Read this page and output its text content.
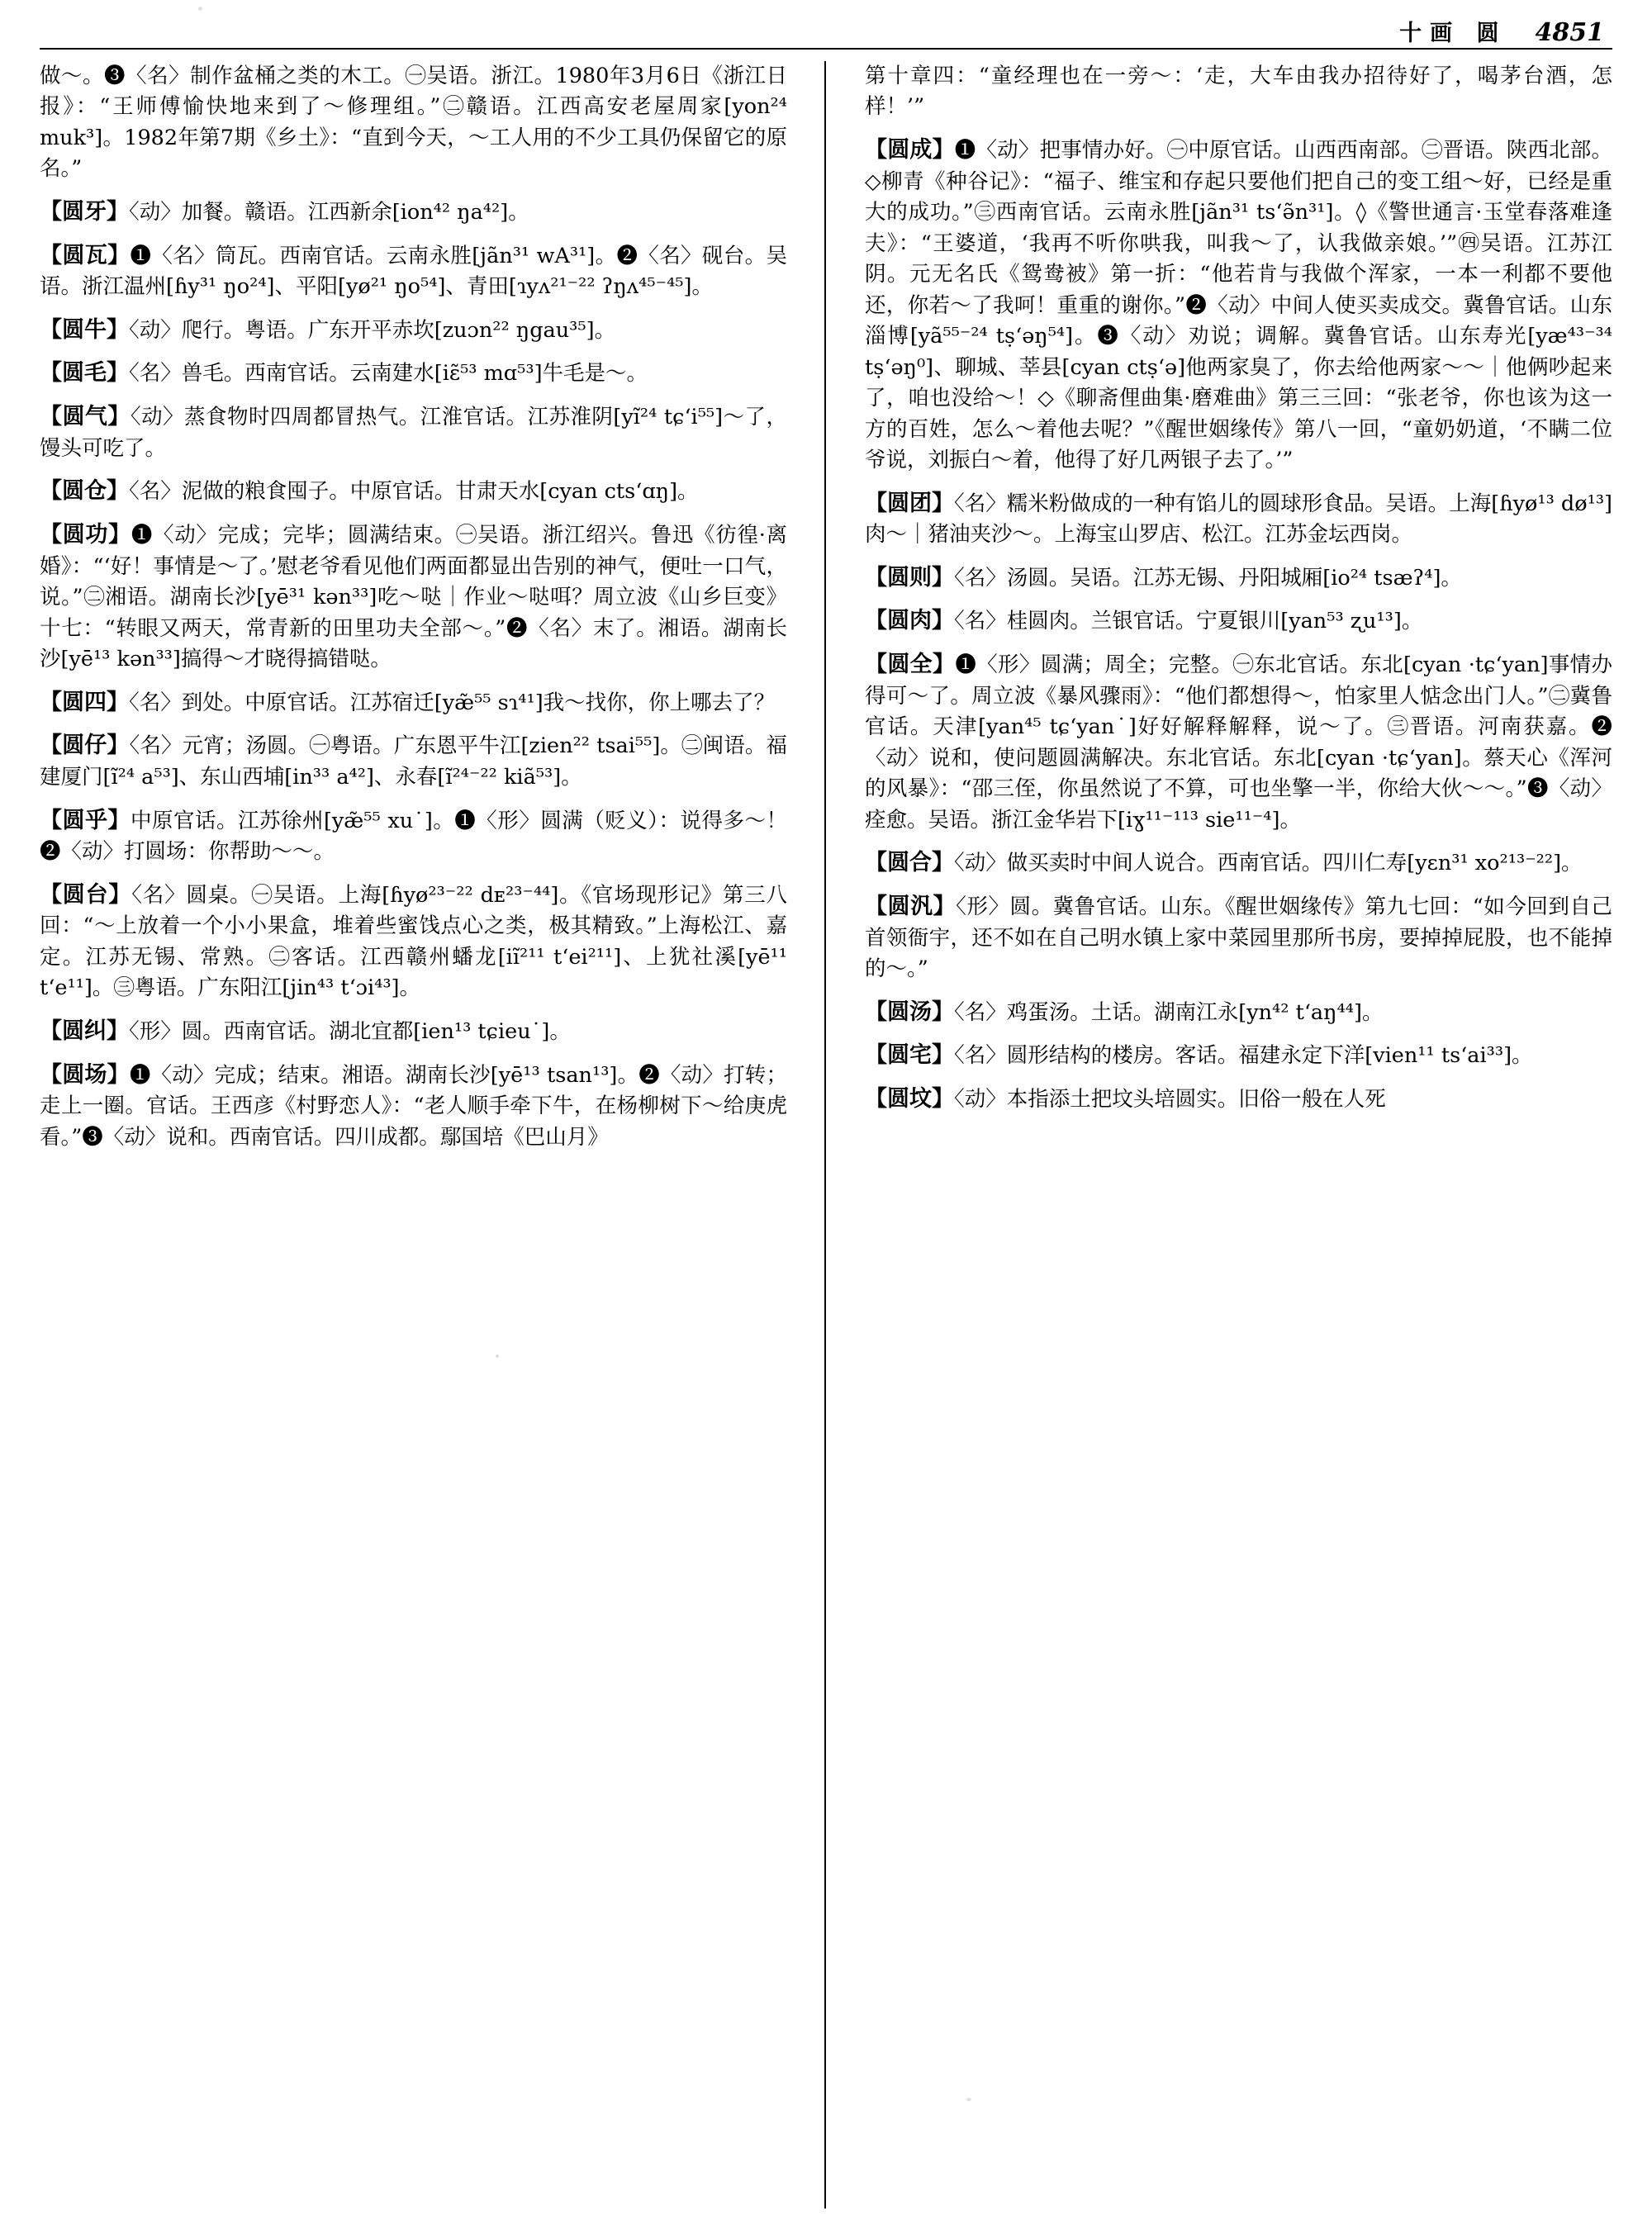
十画 圆 4851
做〜。❸〈名〉制作盆桶之类的木工。㊀吴语。浙江。1980年3月6日《浙江日报》：“王师傅愉快地来到了〜修理组。”㊁赣语。江西高安老屋周家[yon²⁴ muk³]。1982年第7期《乡土》：“直到今天，〜工人用的不少工具仍保留它的原名。”
【圆牙】〈动〉加餐。赣语。江西新余[ion⁴² ŋa⁴²]。
【圆瓦】❶〈名〉筒瓦。西南官话。云南永胜[jãn³¹ wA³¹]。❷〈名〉砚台。吴语。浙江温州[ɦy³¹ ŋo²⁴]、平阳[yø²¹ ŋo⁵⁴]、青田[ɿyʌ²¹⁻²² ʔŋʌ⁴⁵⁻⁴⁵]。
【圆牛】〈动〉爬行。粤语。广东开平赤坎[zuɔn²² ŋgau³⁵]。
【圆毛】〈名〉兽毛。西南官话。云南建水[iɛ̃⁵³ mɑ⁵³]牛毛是〜。
【圆气】〈动〉蒸食物时四周都冒热气。江淮官话。江苏淮阴[yĩ²⁴ tɕʻi⁵⁵]〜了，馒头可吃了。
【圆仓】〈名〉泥做的粮食囤子。中原官话。甘肃天水[ᴄyan ᴄtsʻɑŋ]。
【圆功】❶〈动〉完成；完毕；圆满结束。㊀吴语。浙江绍兴。鲁迅《彷徨·离婚》：“‘好！事情是〜了。’慰老爷看见他们两面都显出告别的神气，便吐一口气，说。”㊁湘语。湖南长沙[yē³¹ kən³³]吃〜哒｜作业〜哒咡？周立波《山乡巨变》十七：“转眼又两天，常青新的田里功夫全部〜。”❷〈名〉末了。湘语。湖南长沙[yē¹³ kən³³]搞得〜才晓得搞错哒。
【圆四】〈名〉到处。中原官话。江苏宿迁[yæ̃⁵⁵ sɿ⁴¹]我〜找你，你上哪去了？
【圆仔】〈名〉元宵；汤圆。㊀粤语。广东恩平牛江[zien²² tsai⁵⁵]。㊁闽语。福建厦门[ĩ²⁴ a⁵³]、东山西埔[in³³ a⁴²]、永春[ĩ²⁴⁻²² kiã⁵³]。
【圆乎】中原官话。江苏徐州[yæ̃⁵⁵ xu˙]。❶〈形〉圆满（贬义）：说得多〜！❷〈动〉打圆场：你帮助〜〜。
【圆台】〈名〉圆桌。㊀吴语。上海[ɦyø²³⁻²² dᴇ²³⁻⁴⁴]。《官场现形记》第三八回：“〜上放着一个小小果盒，堆着些蜜饯点心之类，极其精致。”上海松江、嘉定。江苏无锡、常熟。㊁客话。江西赣州蟠龙[iĩ²¹¹ tʻei²¹¹]、上犹社溪[yē¹¹ tʻe¹¹]。㊂粤语。广东阳江[jin⁴³ tʻɔi⁴³]。
【圆纠】〈形〉圆。西南官话。湖北宜都[ien¹³ tɕieu˙]。
【圆场】❶〈动〉完成；结束。湘语。湖南长沙[yē¹³ tsan¹³]。❷〈动〉打转；走上一圈。官话。王西彦《村野恋人》：“老人顺手牵下牛，在杨柳树下〜给庚虎看。”❸〈动〉说和。西南官话。四川成都。鄢国培《巴山月》
第十章四：“童经理也在一旁〜：‘走，大车由我办招待好了，喝茅台酒，怎样！’”
【圆成】❶〈动〉把事情办好。㊀中原官话。山西西南部。㊁晋语。陕西北部。◇柳青《种谷记》：“福子、维宝和存起只要他们把自己的变工组〜好，已经是重大的成功。”㊂西南官话。云南永胜[jãn³¹ tsʻə̃n³¹]。◊《警世通言·玉堂春落难逢夫》：“王婆道，‘我再不听你哄我，叫我〜了，认我做亲娘。’”㊃吴语。江苏江阴。元无名氏《鸳鸯被》第一折：“他若肯与我做个浑家，一本一利都不要他还，你若〜了我呵！重重的谢你。”❷〈动〉中间人使买卖成交。冀鲁官话。山东淄博[yã⁵⁵⁻²⁴ tṣʻəŋ⁵⁴]。❸〈动〉劝说；调解。冀鲁官话。山东寿光[yæ⁴³⁻³⁴ tṣʻəŋ⁰]、聊城、莘县[ᴄyan ᴄtṣʻə]他两家臭了，你去给他两家〜〜｜他俩吵起来了，咱也没给〜！◇《聊斋俚曲集·磨难曲》第三三回：“张老爷，你也该为这一方的百姓，怎么〜着他去呢？”《醒世姻缘传》第八一回，“童奶奶道，‘不瞒二位爷说，刘振白〜着，他得了好几两银子去了。’”
【圆团】〈名〉糯米粉做成的一种有馅儿的圆球形食品。吴语。上海[ɦyø¹³ dø¹³]肉〜｜猪油夹沙〜。上海宝山罗店、松江。江苏金坛西岗。
【圆则】〈名〉汤圆。吴语。江苏无锡、丹阳城厢[io²⁴ tsæʔ⁴]。
【圆肉】〈名〉桂圆肉。兰银官话。宁夏银川[yan⁵³ ʐu¹³]。
【圆全】❶〈形〉圆满；周全；完整。㊀东北官话。东北[ᴄyan ·tɕʻyan]事情办得可〜了。周立波《暴风骤雨》：“他们都想得〜，怕家里人惦念出门人。”㊁冀鲁官话。天津[yan⁴⁵ tɕʻyan˙]好好解释解释，说〜了。㊂晋语。河南获嘉。❷〈动〉说和，使问题圆满解决。东北官话。东北[ᴄyan ·tɕʻyan]。蔡天心《浑河的风暴》：“邵三侄，你虽然说了不算，可也坐擎一半，你给大伙〜〜。”❸〈动〉痊愈。吴语。浙江金华岩下[iɣ¹¹⁻¹¹³ sie¹¹⁻⁴]。
【圆合】〈动〉做买卖时中间人说合。西南官话。四川仁寿[yɛn³¹ xo²¹³⁻²²]。
【圆汎】〈形〉圆。冀鲁官话。山东。《醒世姻缘传》第九七回：“如今回到自己首领衙宇，还不如在自己明水镇上家中菜园里那所书房，要掉掉屁股，也不能掉的〜。”
【圆汤】〈名〉鸡蛋汤。土话。湖南江永[yn⁴² tʻaŋ⁴⁴]。
【圆宅】〈名〉圆形结构的楼房。客话。福建永定下洋[vien¹¹ tsʻai³³]。
【圆坟】〈动〉本指添土把坟头培圆实。旧俗一般在人死
